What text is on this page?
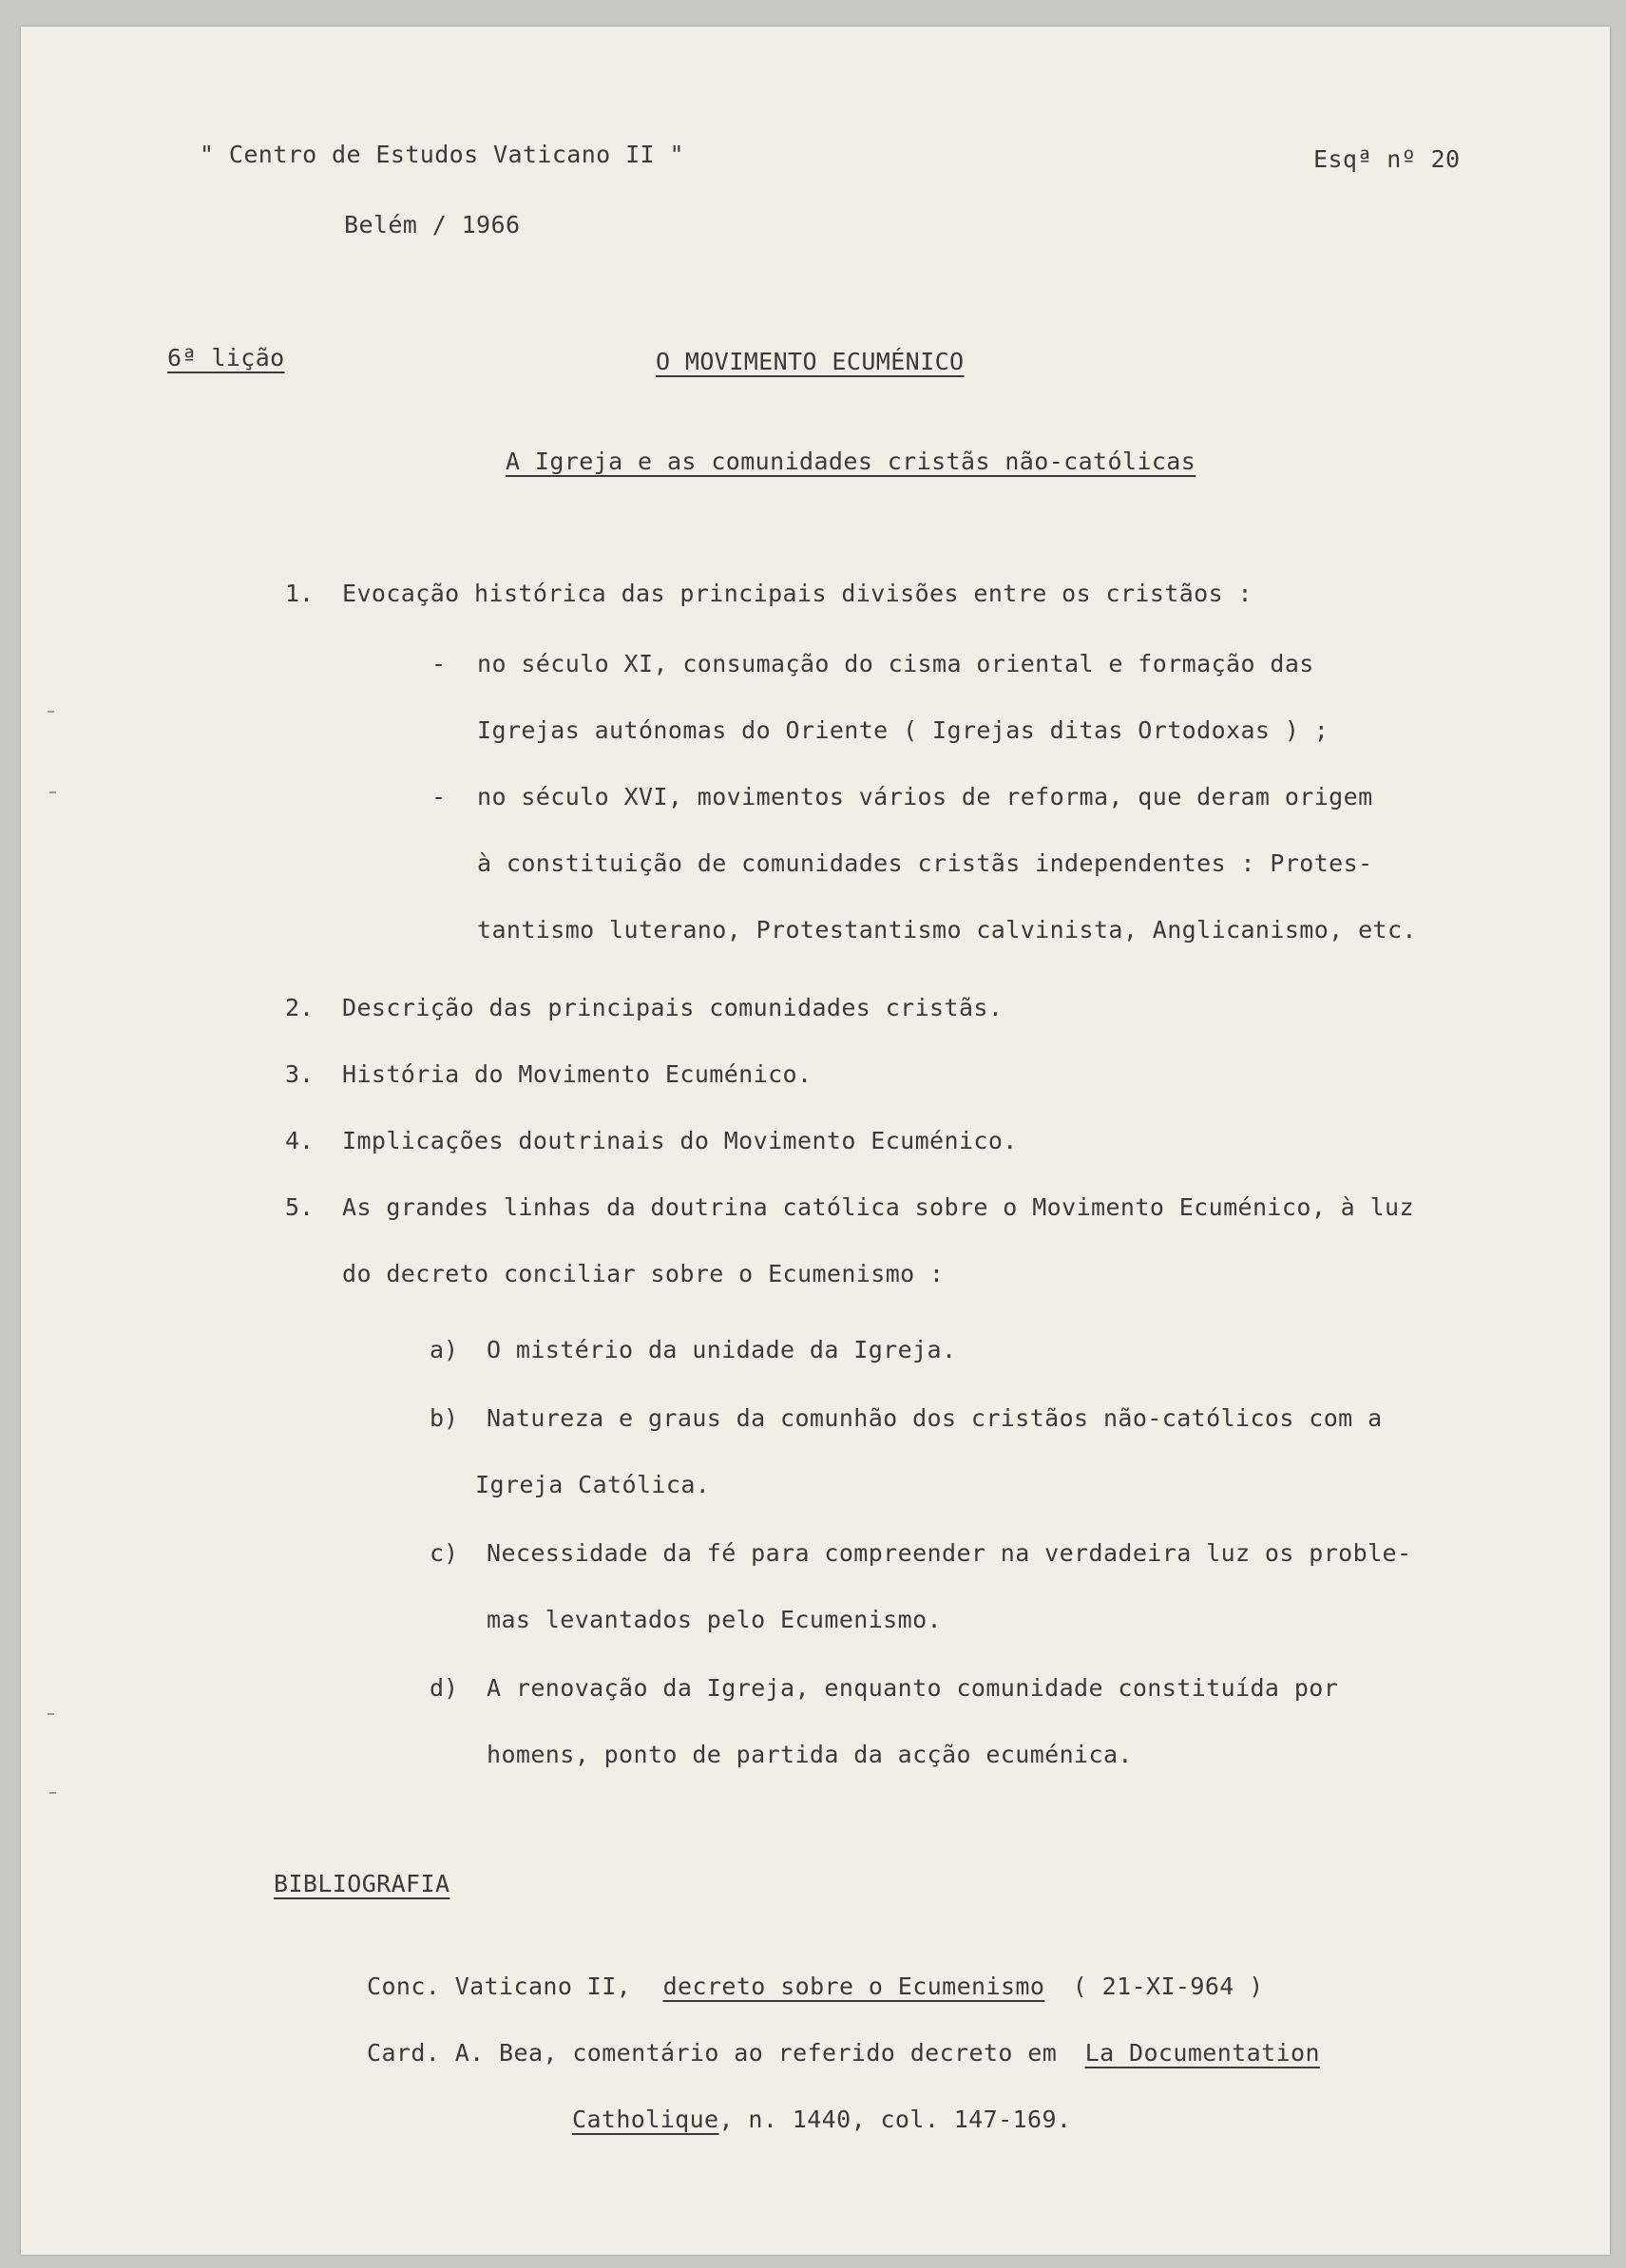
" Centro de Estudos Vaticano II "	Esqª nº 20
Belém / 1966
6ª lição	O MOVIMENTO ECUMÉNICO
A Igreja e as comunidades cristãs não-católicas
1. Evocação histórica das principais divisões entre os cristãos :
- no século XI, consumação do cisma oriental e formação das
Igrejas autónomas do Oriente ( Igrejas ditas Ortodoxas ) ;
- no século XVI, movimentos vários de reforma, que deram origem
à constituição de comunidades cristãs independentes : Protes-
tantismo luterano, Protestantismo calvinista, Anglicanismo, etc.
2. Descrição das principais comunidades cristãs.
3. História do Movimento Ecuménico.
4. Implicações doutrinais do Movimento Ecuménico.
5. As grandes linhas da doutrina católica sobre o Movimento Ecuménico, à luz
do decreto conciliar sobre o Ecumenismo :
a) O mistério da unidade da Igreja.
b) Natureza e graus da comunhão dos cristãos não-católicos com a
Igreja Católica.
c) Necessidade da fé para compreender na verdadeira luz os proble-
mas levantados pelo Ecumenismo.
d) A renovação da Igreja, enquanto comunidade constituída por
homens, ponto de partida da acção ecuménica.
BIBLIOGRAFIA
Conc. Vaticano II, decreto sobre o Ecumenismo ( 21-XI-964 )
Card. A. Bea, comentário ao referido decreto em La Documentation
Catholique, n. 1440, col. 147-169.
